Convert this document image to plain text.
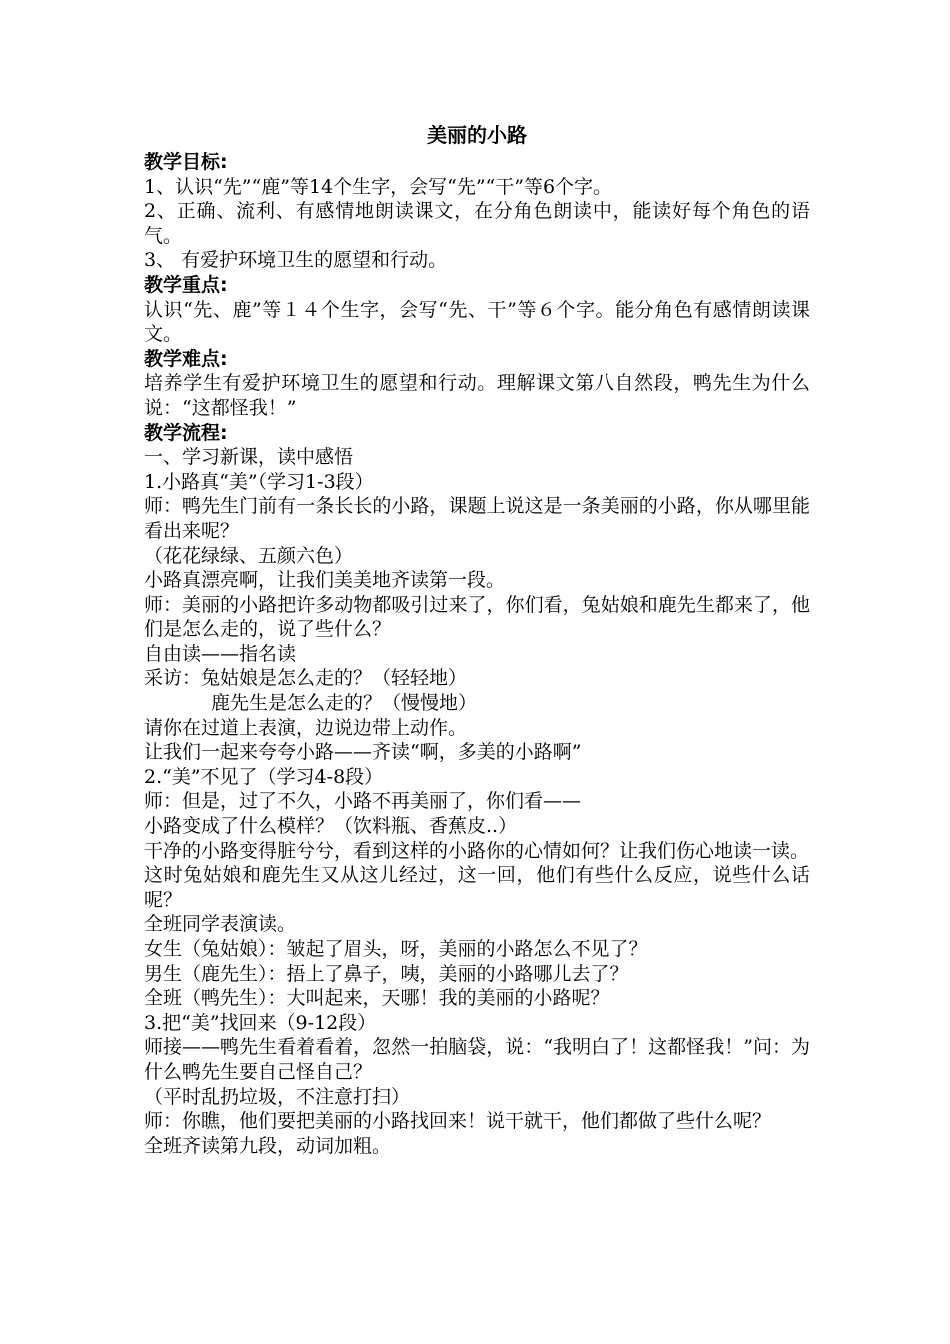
美丽的小路
教学目标:
1、认识“先”“鹿”等14个生字，会写“先”“干”等6个字。
2、正确、流利、有感情地朗读课文，在分角色朗读中，能读好每个角色的语气。
3、 有爱护环境卫生的愿望和行动。
教学重点:
认识“先、鹿”等１４个生字，会写“先、干”等６个字。能分角色有感情朗读课文。
教学难点:
培养学生有爱护环境卫生的愿望和行动。理解课文第八自然段，鸭先生为什么说：“这都怪我！”
教学流程:
一、学习新课，读中感悟
1.小路真“美”（学习1-3段）
师：鸭先生门前有一条长长的小路，课题上说这是一条美丽的小路，你从哪里能看出来呢？
（花花绿绿、五颜六色）
小路真漂亮啊，让我们美美地齐读第一段。
师：美丽的小路把许多动物都吸引过来了，你们看，兔姑娘和鹿先生都来了，他们是怎么走的，说了些什么？
自由读——指名读
采访：兔姑娘是怎么走的？（轻轻地）
鹿先生是怎么走的？（慢慢地）
请你在过道上表演，边说边带上动作。
让我们一起来夸夸小路——齐读“啊，多美的小路啊”
2.“美”不见了（学习4-8段）
师：但是，过了不久，小路不再美丽了，你们看——
小路变成了什么模样？（饮料瓶、香蕉皮..）
干净的小路变得脏兮兮，看到这样的小路你的心情如何？让我们伤心地读一读。
这时兔姑娘和鹿先生又从这儿经过，这一回，他们有些什么反应，说些什么话呢？
全班同学表演读。
女生（兔姑娘）：皱起了眉头，呀，美丽的小路怎么不见了？
男生（鹿先生）：捂上了鼻子，咦，美丽的小路哪儿去了？
全班（鸭先生）：大叫起来，天哪！我的美丽的小路呢？
3.把“美”找回来（9-12段）
师接——鸭先生看着看着，忽然一拍脑袋，说：“我明白了！这都怪我！”问：为什么鸭先生要自己怪自己？
（平时乱扔垃圾，不注意打扫）
师：你瞧，他们要把美丽的小路找回来！说干就干，他们都做了些什么呢？
全班齐读第九段，动词加粗。
